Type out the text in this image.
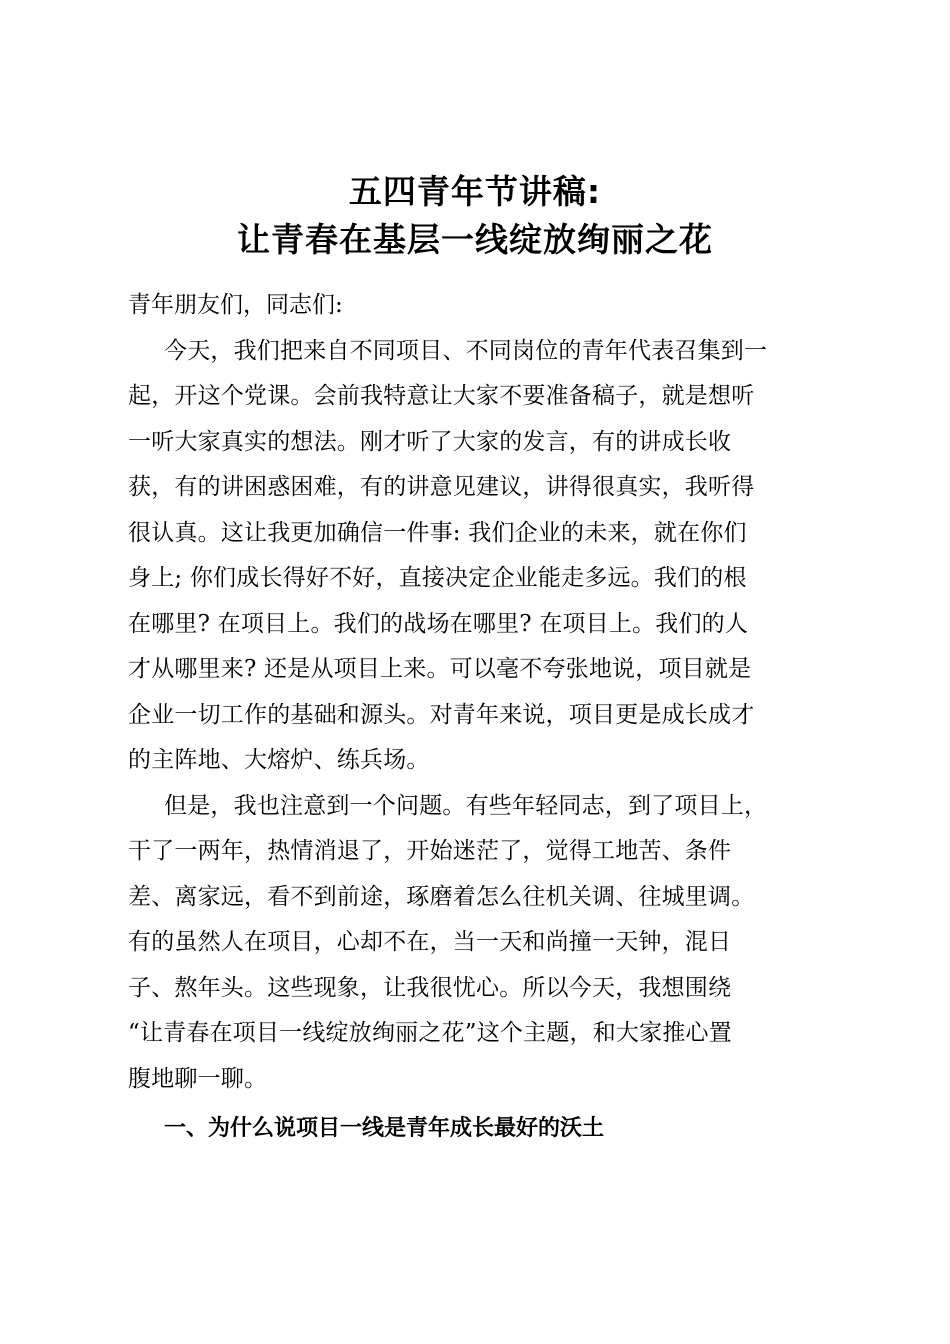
五四青年节讲稿:
让青春在基层一线绽放绚丽之花
青年朋友们，同志们:
今天，我们把来自不同项目、不同岗位的青年代表召集到一
起，开这个党课。会前我特意让大家不要准备稿子，就是想听
一听大家真实的想法。刚才听了大家的发言，有的讲成长收
获，有的讲困惑困难，有的讲意见建议，讲得很真实，我听得
很认真。这让我更加确信一件事: 我们企业的未来，就在你们
身上; 你们成长得好不好，直接决定企业能走多远。我们的根
在哪里? 在项目上。我们的战场在哪里? 在项目上。我们的人
才从哪里来? 还是从项目上来。可以毫不夸张地说，项目就是
企业一切工作的基础和源头。对青年来说，项目更是成长成才
的主阵地、大熔炉、练兵场。
但是，我也注意到一个问题。有些年轻同志，到了项目上，
干了一两年，热情消退了，开始迷茫了，觉得工地苦、条件
差、离家远，看不到前途，琢磨着怎么往机关调、往城里调。
有的虽然人在项目，心却不在，当一天和尚撞一天钟，混日
子、熬年头。这些现象，让我很忧心。所以今天，我想围绕
“让青春在项目一线绽放绚丽之花”这个主题，和大家推心置
腹地聊一聊。
一、为什么说项目一线是青年成长最好的沃土
